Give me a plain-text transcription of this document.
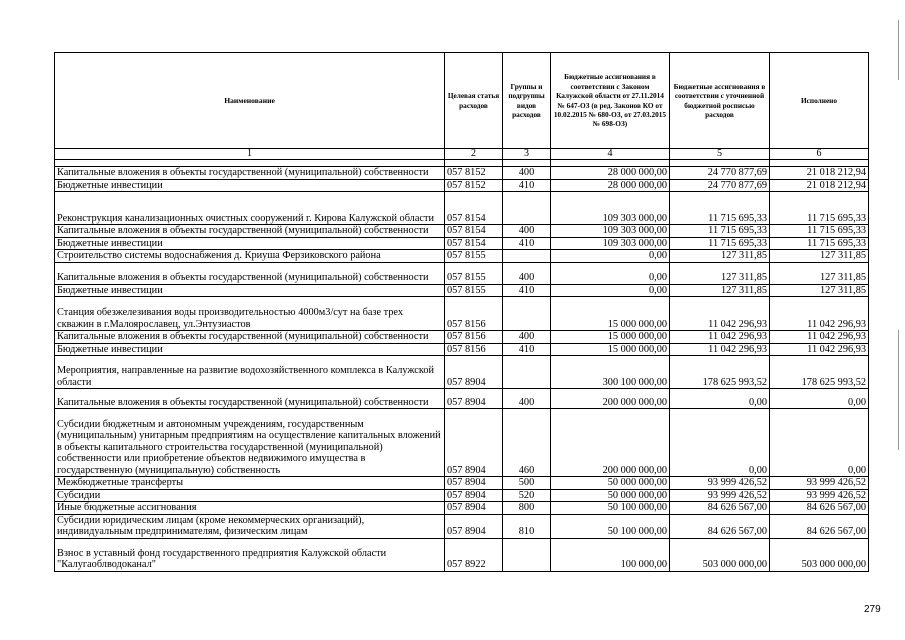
Наименование	Целевая статья расходов	Группы и подгруппы видов расходов	Бюджетные ассигнования в соответствии с Законом Калужской области от 27.11.2014 № 647-ОЗ (в ред. Законов КО от 10.02.2015 № 680-ОЗ, от 27.03.2015 № 698-ОЗ)	Бюджетные ассигнования в соответствии с уточненной бюджетной росписью расходов	Исполнено
1	2	3	4	5	6

Капитальные вложения в объекты государственной (муниципальной) собственности	057 8152	400	28 000 000,00	24 770 877,69	21 018 212,94
Бюджетные инвестиции	057 8152	410	28 000 000,00	24 770 877,69	21 018 212,94
Реконструкция канализационных очистных сооружений г. Кирова Калужской области	057 8154		109 303 000,00	11 715 695,33	11 715 695,33
Капитальные вложения в объекты государственной (муниципальной) собственности	057 8154	400	109 303 000,00	11 715 695,33	11 715 695,33
Бюджетные инвестиции	057 8154	410	109 303 000,00	11 715 695,33	11 715 695,33
Строительство системы водоснабжения д. Криуша Ферзиковского района	057 8155		0,00	127 311,85	127 311,85
Капитальные вложения в объекты государственной (муниципальной) собственности	057 8155	400	0,00	127 311,85	127 311,85
Бюджетные инвестиции	057 8155	410	0,00	127 311,85	127 311,85
Станция обезжелезивания воды производительностью 4000м3/сут на базе трех скважин в г.Малоярославец, ул.Энтузиастов	057 8156		15 000 000,00	11 042 296,93	11 042 296,93
Капитальные вложения в объекты государственной (муниципальной) собственности	057 8156	400	15 000 000,00	11 042 296,93	11 042 296,93
Бюджетные инвестиции	057 8156	410	15 000 000,00	11 042 296,93	11 042 296,93
Мероприятия, направленные на развитие водохозяйственного комплекса в Калужской области	057 8904		300 100 000,00	178 625 993,52	178 625 993,52
Капитальные вложения в объекты государственной (муниципальной) собственности	057 8904	400	200 000 000,00	0,00	0,00
Субсидии бюджетным и автономным учреждениям, государственным (муниципальным) унитарным предприятиям на осуществление капитальных вложений в объекты капитального строительства государственной (муниципальной) собственности или приобретение объектов недвижимого имущества в государственную (муниципальную) собственность	057 8904	460	200 000 000,00	0,00	0,00
Межбюджетные трансферты	057 8904	500	50 000 000,00	93 999 426,52	93 999 426,52
Субсидии	057 8904	520	50 000 000,00	93 999 426,52	93 999 426,52
Иные бюджетные ассигнования	057 8904	800	50 100 000,00	84 626 567,00	84 626 567,00
Субсидии юридическим лицам (кроме некоммерческих организаций), индивидуальным предпринимателям, физическим лицам	057 8904	810	50 100 000,00	84 626 567,00	84 626 567,00
Взнос в уставный фонд государственного предприятия Калужской области "Калугаоблводоканал"	057 8922		100 000,00	503 000 000,00	503 000 000,00
279
